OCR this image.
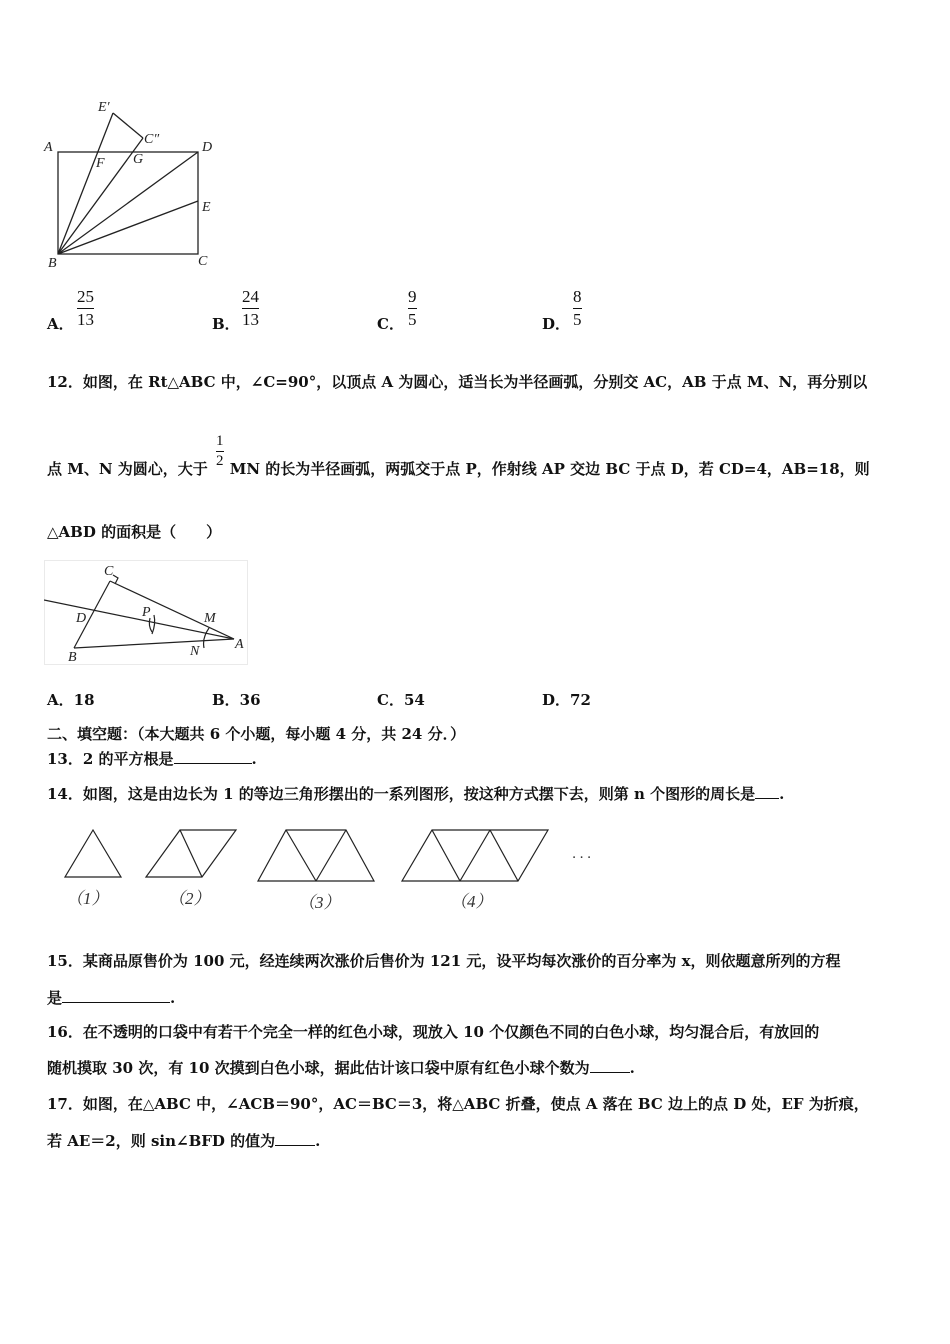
E′
C″
A	D
F G
E
B	C
A．
25
13	B．
24
13	C．
9
5	D．
8
5
12．如图，在 Rt△ABC 中，∠C=90°，以顶点 A 为圆心，适当长为半径画弧，分别交 AC，AB 于点 M、N，再分别以
点 M、N 为圆心，大于 MN 的长为半径画弧，两弧交于点 P，作射线 AP 交边 BC 于点 D，若 CD=4，AB=18，则
1
2
△ABD 的面积是（　　）
C
P	M
D
A
N
B
A．18	B．36	C．54	D．72
二、填空题：（本大题共 6 个小题，每小题 4 分，共 24 分．）
13．2 的平方根是	.
14．如图，这是由边长为 1 的等边三角形摆出的一系列图形，按这种方式摆下去，则第 n 个图形的周长是 .
（1）	（2）	（3）	（4）
· · ·
15．某商品原售价为 100 元，经连续两次涨价后售价为 121 元，设平均每次涨价的百分率为 x，则依题意所列的方程
是	.
16．在不透明的口袋中有若干个完全一样的红色小球，现放入 10 个仅颜色不同的白色小球，均匀混合后，有放回的
随机摸取 30 次，有 10 次摸到白色小球，据此估计该口袋中原有红色小球个数为	.
17．如图，在△ABC 中，∠ACB＝90°，AC＝BC＝3，将△ABC 折叠，使点 A 落在 BC 边上的点 D 处，EF 为折痕，
若 AE＝2，则 sin∠BFD 的值为	.
